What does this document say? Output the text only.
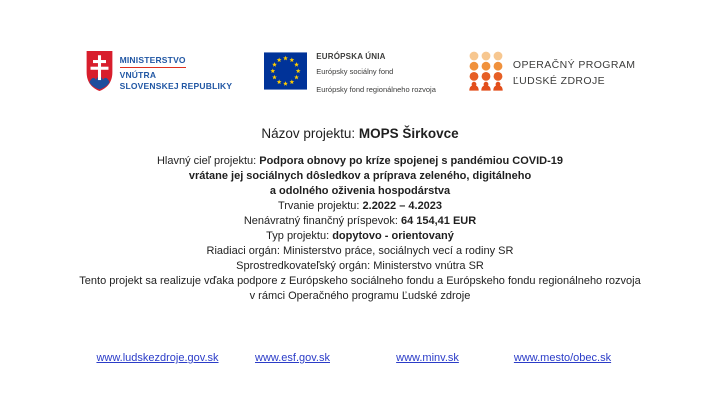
MINISTERSTVO
VNÚTRA
SLOVENSKEJ REPUBLIKY
EURÓPSKA ÚNIA
Európsky sociálny fond
Európsky fond regionálneho rozvoja
OPERAČNÝ PROGRAM
ĽUDSKÉ ZDROJE

Názov projektu: MOPS Širkovce

Hlavný cieľ projektu: Podpora obnovy po kríze spojenej s pandémiou COVID-19

vrátane jej sociálnych dôsledkov a príprava zeleného, digitálneho

a odolného oživenia hospodárstva

Trvanie projektu: 2.2022 – 4.2023

Nenávratný finančný príspevok: 64 154,41 EUR

Typ projektu: dopytovo - orientovaný

Riadiaci orgán: Ministerstvo práce, sociálnych vecí a rodiny SR

Sprostredkovateľský orgán: Ministerstvo vnútra SR

Tento projekt sa realizuje vďaka podpore z Európskeho sociálneho fondu a Európskeho fondu regionálneho rozvoja

v rámci Operačného programu Ľudské zdroje

www.ludskezdroje.gov.sk	www.esf.gov.sk	www.minv.sk	www.mesto/obec.sk
